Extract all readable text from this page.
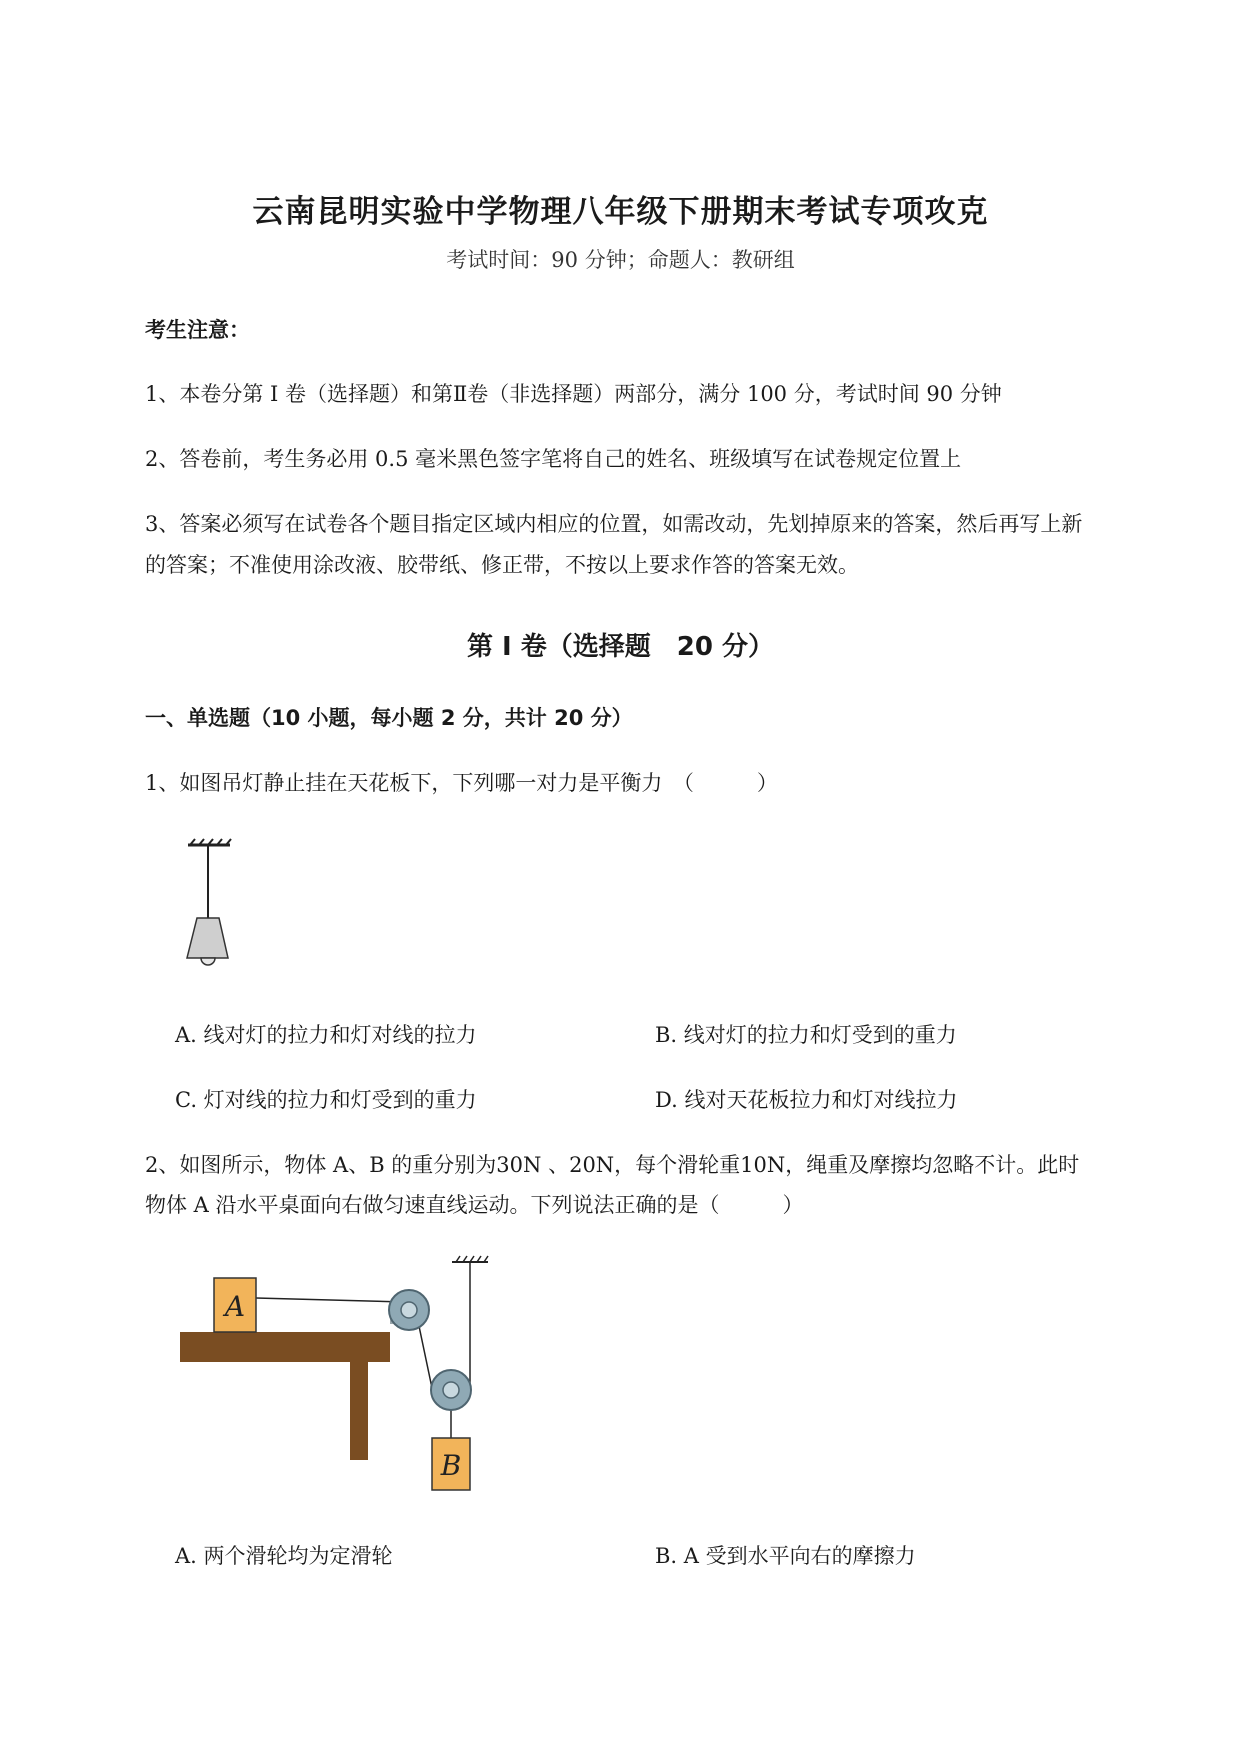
云南昆明实验中学物理八年级下册期末考试专项攻克
考试时间：90 分钟；命题人：教研组
考生注意：
1、本卷分第 I 卷（选择题）和第Ⅱ卷（非选择题）两部分，满分 100 分，考试时间 90 分钟
2、答卷前，考生务必用 0.5 毫米黑色签字笔将自己的姓名、班级填写在试卷规定位置上
3、答案必须写在试卷各个题目指定区域内相应的位置，如需改动，先划掉原来的答案，然后再写上新
的答案；不准使用涂改液、胶带纸、修正带，不按以上要求作答的答案无效。
第 I 卷（选择题　20 分）
一、单选题（10 小题，每小题 2 分，共计 20 分）
1、如图吊灯静止挂在天花板下，下列哪一对力是平衡力　（　　　）
A. 线对灯的拉力和灯对线的拉力	B. 线对灯的拉力和灯受到的重力
C. 灯对线的拉力和灯受到的重力	D. 线对天花板拉力和灯对线拉力
2、如图所示，物体 A、B 的重分别为30N 、20N，每个滑轮重10N，绳重及摩擦均忽略不计。此时
物体 A 沿水平桌面向右做匀速直线运动。下列说法正确的是（　　　）
A
B
A. 两个滑轮均为定滑轮	B. A 受到水平向右的摩擦力
